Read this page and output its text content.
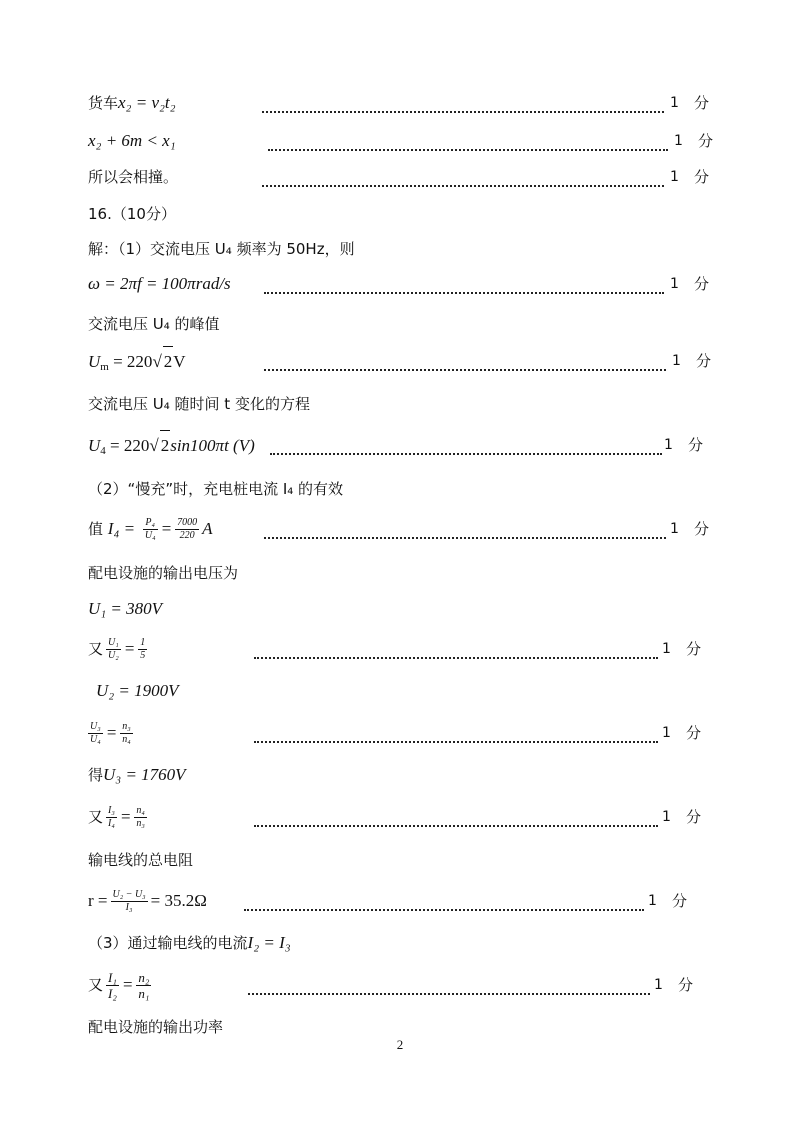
货车x₂ = v₂t₂	1 分
x₂ + 6m < x₁	1 分
所以会相撞。	1 分
16.（10分）
解：（1）交流电压 U₄ 频率为 50Hz，则
ω = 2πf = 100πrad/s	1 分
交流电压 U₄ 的峰值
$U_m = 220√$ 2V	1 分
交流电压 U₄ 随时间 t 变化的方程
$U_4 = 220√$ 2sin100πt (V)	1 分
（2）“慢充”时，充电桩电流 I₄ 的有效
值 $I_4 = \frac{\text{P₄}}{\text{U₄}} = \frac{7000}{220}$ A	1 分
配电设施的输出电压为
U₁ = 380V
又 $\frac{\text{U₁}}{\text{U₂}} = \frac{1}{5}$	1 分
U₂ = 1900V
$\frac{\text{U₃}}{\text{U₄}} = \frac{\text{n₃}}{\text{n₄}}$	1 分
得U₃ = 1760V
又 $\frac{\text{I₃}}{\text{I₄}} = \frac{\text{n₄}}{\text{n₃}}$	1 分
输电线的总电阻
$r = \frac{\text{U₂ − U₃}}{\text{I₃}} = 35.2\Omega$	1 分
（3）通过输电线的电流I₂ = I₃
又 $\frac{\text{I₁}}{\text{I₂}} = \frac{\text{n₂}}{\text{n₁}}$	1 分
配电设施的输出功率
2
